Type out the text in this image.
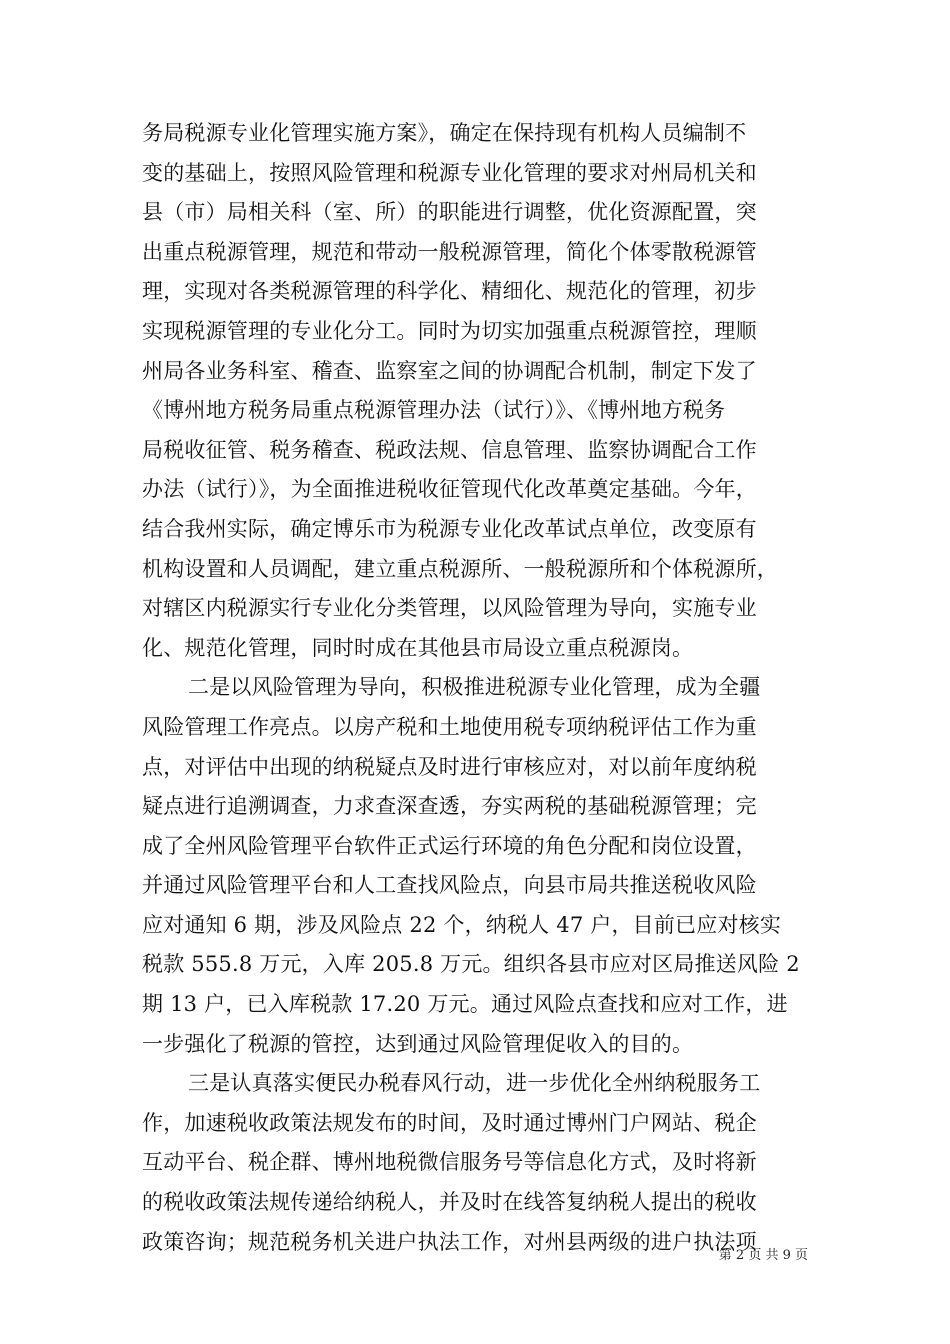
务局税源专业化管理实施方案》，确定在保持现有机构人员编制不
变的基础上，按照风险管理和税源专业化管理的要求对州局机关和
县（市）局相关科（室、所）的职能进行调整，优化资源配置，突
出重点税源管理，规范和带动一般税源管理，简化个体零散税源管
理，实现对各类税源管理的科学化、精细化、规范化的管理，初步
实现税源管理的专业化分工。同时为切实加强重点税源管控，理顺
州局各业务科室、稽查、监察室之间的协调配合机制，制定下发了
《博州地方税务局重点税源管理办法（试行）》、《博州地方税务
局税收征管、税务稽查、税政法规、信息管理、监察协调配合工作
办法（试行）》，为全面推进税收征管现代化改革奠定基础。今年，
结合我州实际，确定博乐市为税源专业化改革试点单位，改变原有
机构设置和人员调配，建立重点税源所、一般税源所和个体税源所，
对辖区内税源实行专业化分类管理，以风险管理为导向，实施专业
化、规范化管理，同时时成在其他县市局设立重点税源岗。
二是以风险管理为导向，积极推进税源专业化管理，成为全疆
风险管理工作亮点。以房产税和土地使用税专项纳税评估工作为重
点，对评估中出现的纳税疑点及时进行审核应对，对以前年度纳税
疑点进行追溯调查，力求查深查透，夯实两税的基础税源管理；完
成了全州风险管理平台软件正式运行环境的角色分配和岗位设置，
并通过风险管理平台和人工查找风险点，向县市局共推送税收风险
应对通知 6 期，涉及风险点 22 个，纳税人 47 户，目前已应对核实
税款 555.8 万元，入库 205.8 万元。组织各县市应对区局推送风险 2
期 13 户，已入库税款 17.20 万元。通过风险点查找和应对工作，进
一步强化了税源的管控，达到通过风险管理促收入的目的。
三是认真落实便民办税春风行动，进一步优化全州纳税服务工
作，加速税收政策法规发布的时间，及时通过博州门户网站、税企
互动平台、税企群、博州地税微信服务号等信息化方式，及时将新
的税收政策法规传递给纳税人，并及时在线答复纳税人提出的税收
政策咨询；规范税务机关进户执法工作，对州县两级的进户执法项
第 2 页 共 9 页
